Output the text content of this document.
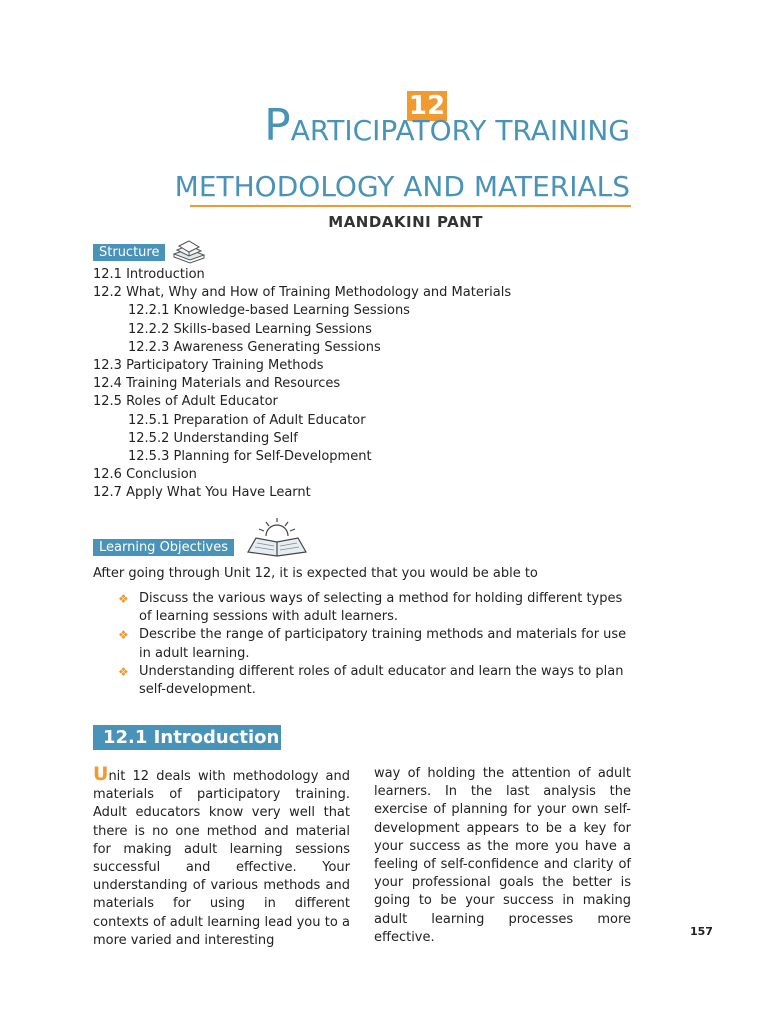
12
PARTICIPATORY TRAINING
METHODOLOGY AND MATERIALS
MANDAKINI PANT
Structure
12.1 Introduction
12.2 What, Why and How of Training Methodology and Materials
12.2.1 Knowledge-based Learning Sessions
12.2.2 Skills-based Learning Sessions
12.2.3 Awareness Generating Sessions
12.3 Participatory Training Methods
12.4 Training Materials and Resources
12.5 Roles of Adult Educator
12.5.1 Preparation of Adult Educator
12.5.2 Understanding Self
12.5.3 Planning for Self-Development
12.6 Conclusion
12.7 Apply What You Have Learnt
Learning Objectives
After going through Unit 12, it is expected that you would be able to
❖ Discuss the various ways of selecting a method for holding different types of learning sessions with adult learners.
❖ Describe the range of participatory training methods and materials for use in adult learning.
❖ Understanding different roles of adult educator and learn the ways to plan self-development.
12.1 Introduction
Unit 12 deals with methodology and materials of participatory training. Adult educators know very well that there is no one method and material for making adult learning sessions successful and effective. Your understanding of various methods and materials for using in different contexts of adult learning lead you to a more varied and interesting
way of holding the attention of adult learners. In the last analysis the exercise of planning for your own self-development appears to be a key for your success as the more you have a feeling of self-confidence and clarity of your professional goals the better is going to be your success in making adult learning processes more effective.	157
